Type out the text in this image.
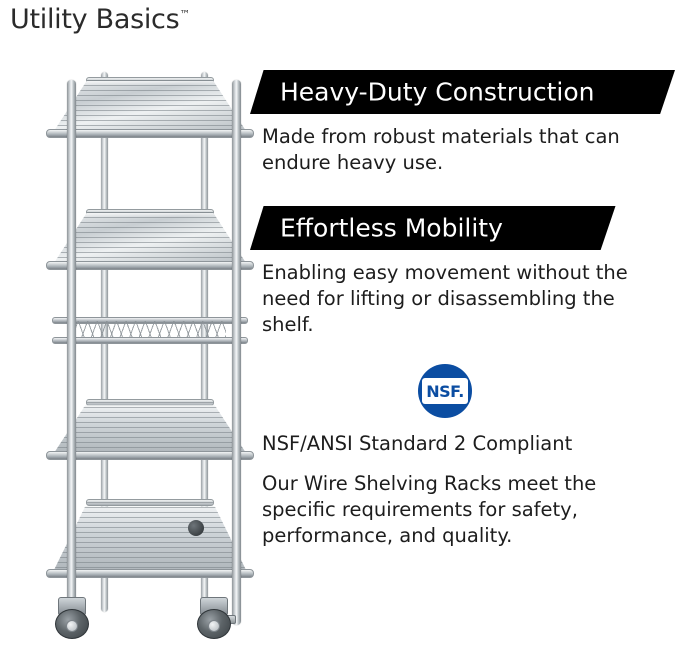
Utility Basics™
Heavy-Duty Construction
Made from robust materials that can endure heavy use.
Effortless Mobility
Enabling easy movement without the need for lifting or disassembling the shelf.
NSF.
NSF/ANSI Standard 2 Compliant
Our Wire Shelving Racks meet the specific requirements for safety, performance, and quality.
